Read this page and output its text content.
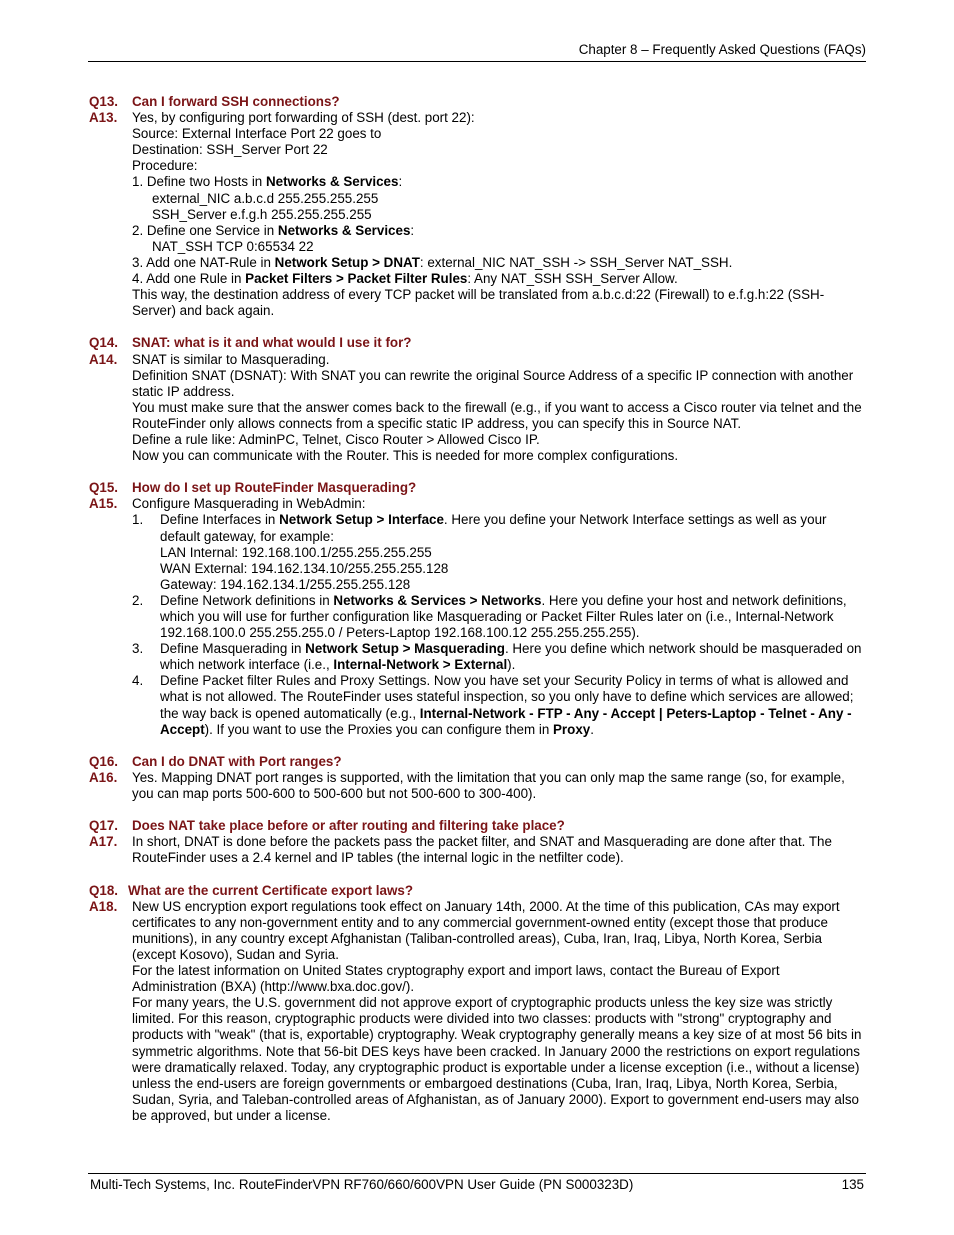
Chapter 8 – Frequently Asked Questions (FAQs)
Q13.	Can I forward SSH connections?
A13.	Yes, by configuring port forwarding of SSH (dest. port 22):
Source: External Interface Port 22 goes to
Destination: SSH_Server Port 22
Procedure:
1. Define two Hosts in Networks & Services:
external_NIC a.b.c.d 255.255.255.255
SSH_Server e.f.g.h 255.255.255.255
2. Define one Service in Networks & Services:
NAT_SSH TCP 0:65534 22
3. Add one NAT-Rule in Network Setup > DNAT: external_NIC NAT_SSH -> SSH_Server NAT_SSH.
4. Add one Rule in Packet Filters > Packet Filter Rules: Any NAT_SSH SSH_Server Allow.
This way, the destination address of every TCP packet will be translated from a.b.c.d:22 (Firewall) to e.f.g.h:22 (SSH-Server) and back again.
Q14.	SNAT: what is it and what would I use it for?
A14.	SNAT is similar to Masquerading.
Definition SNAT (DSNAT): With SNAT you can rewrite the original Source Address of a specific IP connection with another static IP address.
You must make sure that the answer comes back to the firewall (e.g., if you want to access a Cisco router via telnet and the RouteFinder only allows connects from a specific static IP address, you can specify this in Source NAT.
Define a rule like: AdminPC, Telnet, Cisco Router > Allowed Cisco IP.
Now you can communicate with the Router. This is needed for more complex configurations.
Q15.	How do I set up RouteFinder Masquerading?
A15.	Configure Masquerading in WebAdmin:
1.	Define Interfaces in Network Setup > Interface. Here you define your Network Interface settings as well as your default gateway, for example:
LAN Internal: 192.168.100.1/255.255.255.255
WAN External: 194.162.134.10/255.255.255.128
Gateway: 194.162.134.1/255.255.255.128
2.	Define Network definitions in Networks & Services > Networks. Here you define your host and network definitions, which you will use for further configuration like Masquerading or Packet Filter Rules later on (i.e., Internal-Network 192.168.100.0 255.255.255.0 / Peters-Laptop 192.168.100.12 255.255.255.255).
3.	Define Masquerading in Network Setup > Masquerading. Here you define which network should be masqueraded on which network interface (i.e., Internal-Network > External).
4.	Define Packet filter Rules and Proxy Settings. Now you have set your Security Policy in terms of what is allowed and what is not allowed. The RouteFinder uses stateful inspection, so you only have to define which services are allowed; the way back is opened automatically (e.g., Internal-Network - FTP - Any - Accept | Peters-Laptop - Telnet - Any - Accept). If you want to use the Proxies you can configure them in Proxy.
Q16.	Can I do DNAT with Port ranges?
A16.	Yes. Mapping DNAT port ranges is supported, with the limitation that you can only map the same range (so, for example, you can map ports 500-600 to 500-600 but not 500-600 to 300-400).
Q17.	Does NAT take place before or after routing and filtering take place?
A17.	In short, DNAT is done before the packets pass the packet filter, and SNAT and Masquerading are done after that. The RouteFinder uses a 2.4 kernel and IP tables (the internal logic in the netfilter code).
Q18. What are the current Certificate export laws?
A18.	New US encryption export regulations took effect on January 14th, 2000. At the time of this publication, CAs may export certificates to any non-government entity and to any commercial government-owned entity (except those that produce munitions), in any country except Afghanistan (Taliban-controlled areas), Cuba, Iran, Iraq, Libya, North Korea, Serbia (except Kosovo), Sudan and Syria.
For the latest information on United States cryptography export and import laws, contact the Bureau of Export Administration (BXA) (http://www.bxa.doc.gov/).
For many years, the U.S. government did not approve export of cryptographic products unless the key size was strictly limited. For this reason, cryptographic products were divided into two classes: products with "strong" cryptography and products with "weak" (that is, exportable) cryptography. Weak cryptography generally means a key size of at most 56 bits in symmetric algorithms. Note that 56-bit DES keys have been cracked. In January 2000 the restrictions on export regulations were dramatically relaxed. Today, any cryptographic product is exportable under a license exception (i.e., without a license) unless the end-users are foreign governments or embargoed destinations (Cuba, Iran, Iraq, Libya, North Korea, Serbia, Sudan, Syria, and Taleban-controlled areas of Afghanistan, as of January 2000). Export to government end-users may also be approved, but under a license.
Multi-Tech Systems, Inc. RouteFinderVPN RF760/660/600VPN User Guide (PN S000323D)	135
